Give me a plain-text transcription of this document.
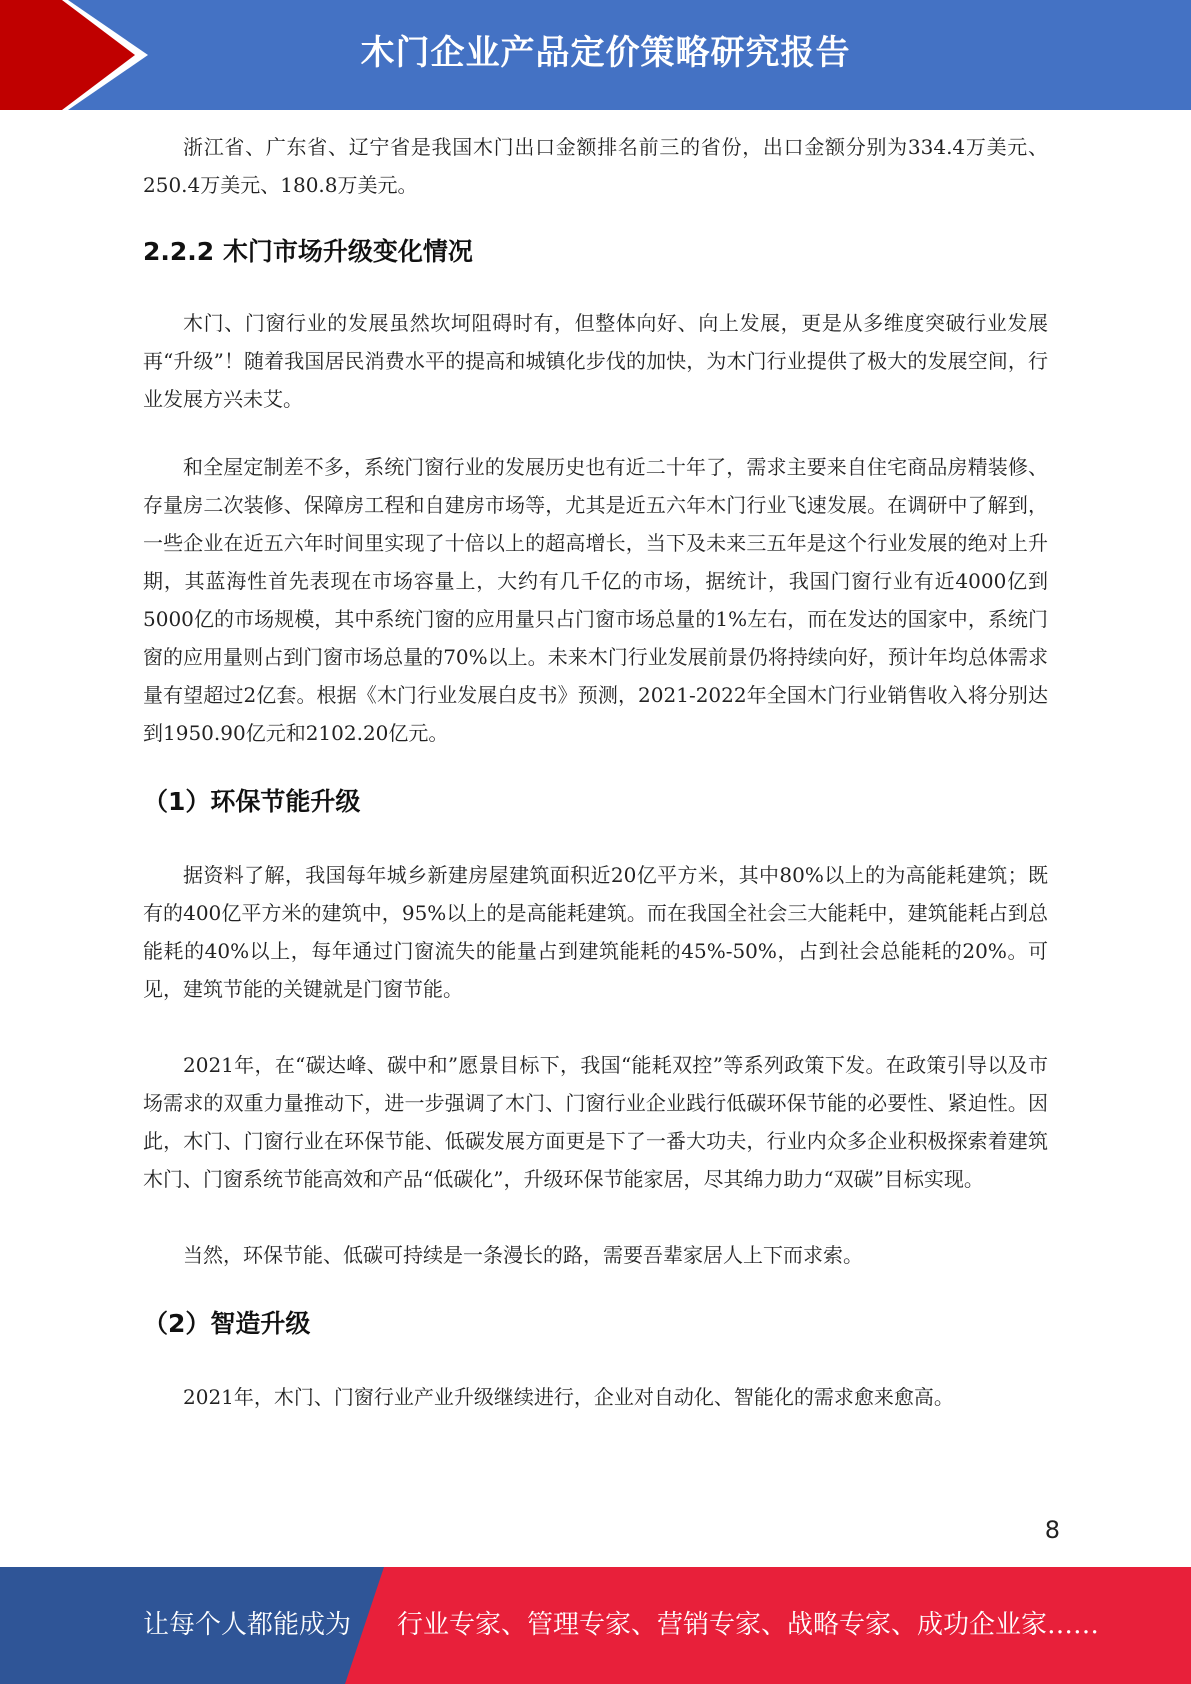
木门企业产品定价策略研究报告

浙江省、广东省、辽宁省是我国木门出口金额排名前三的省份，出口金额分别为334.4万美元、250.4万美元、180.8万美元。

2.2.2 木门市场升级变化情况

木门、门窗行业的发展虽然坎坷阻碍时有，但整体向好、向上发展，更是从多维度突破行业发展再“升级”！随着我国居民消费水平的提高和城镇化步伐的加快，为木门行业提供了极大的发展空间，行业发展方兴未艾。

和全屋定制差不多，系统门窗行业的发展历史也有近二十年了，需求主要来自住宅商品房精装修、存量房二次装修、保障房工程和自建房市场等，尤其是近五六年木门行业飞速发展。在调研中了解到，一些企业在近五六年时间里实现了十倍以上的超高增长，当下及未来三五年是这个行业发展的绝对上升期，其蓝海性首先表现在市场容量上，大约有几千亿的市场，据统计，我国门窗行业有近4000亿到5000亿的市场规模，其中系统门窗的应用量只占门窗市场总量的1%左右，而在发达的国家中，系统门窗的应用量则占到门窗市场总量的70%以上。未来木门行业发展前景仍将持续向好，预计年均总体需求量有望超过2亿套。根据《木门行业发展白皮书》预测，2021-2022年全国木门行业销售收入将分别达到1950.90亿元和2102.20亿元。

（1）环保节能升级

据资料了解，我国每年城乡新建房屋建筑面积近20亿平方米，其中80%以上的为高能耗建筑；既有的400亿平方米的建筑中，95%以上的是高能耗建筑。而在我国全社会三大能耗中，建筑能耗占到总能耗的40%以上，每年通过门窗流失的能量占到建筑能耗的45%-50%，占到社会总能耗的20%。可见，建筑节能的关键就是门窗节能。

2021年，在“碳达峰、碳中和”愿景目标下，我国“能耗双控”等系列政策下发。在政策引导以及市场需求的双重力量推动下，进一步强调了木门、门窗行业企业践行低碳环保节能的必要性、紧迫性。因此，木门、门窗行业在环保节能、低碳发展方面更是下了一番大功夫，行业内众多企业积极探索着建筑木门、门窗系统节能高效和产品“低碳化”，升级环保节能家居，尽其绵力助力“双碳”目标实现。

当然，环保节能、低碳可持续是一条漫长的路，需要吾辈家居人上下而求索。

（2）智造升级

2021年，木门、门窗行业产业升级继续进行，企业对自动化、智能化的需求愈来愈高。

8
让每个人都能成为 行业专家、管理专家、营销专家、战略专家、成功企业家……
